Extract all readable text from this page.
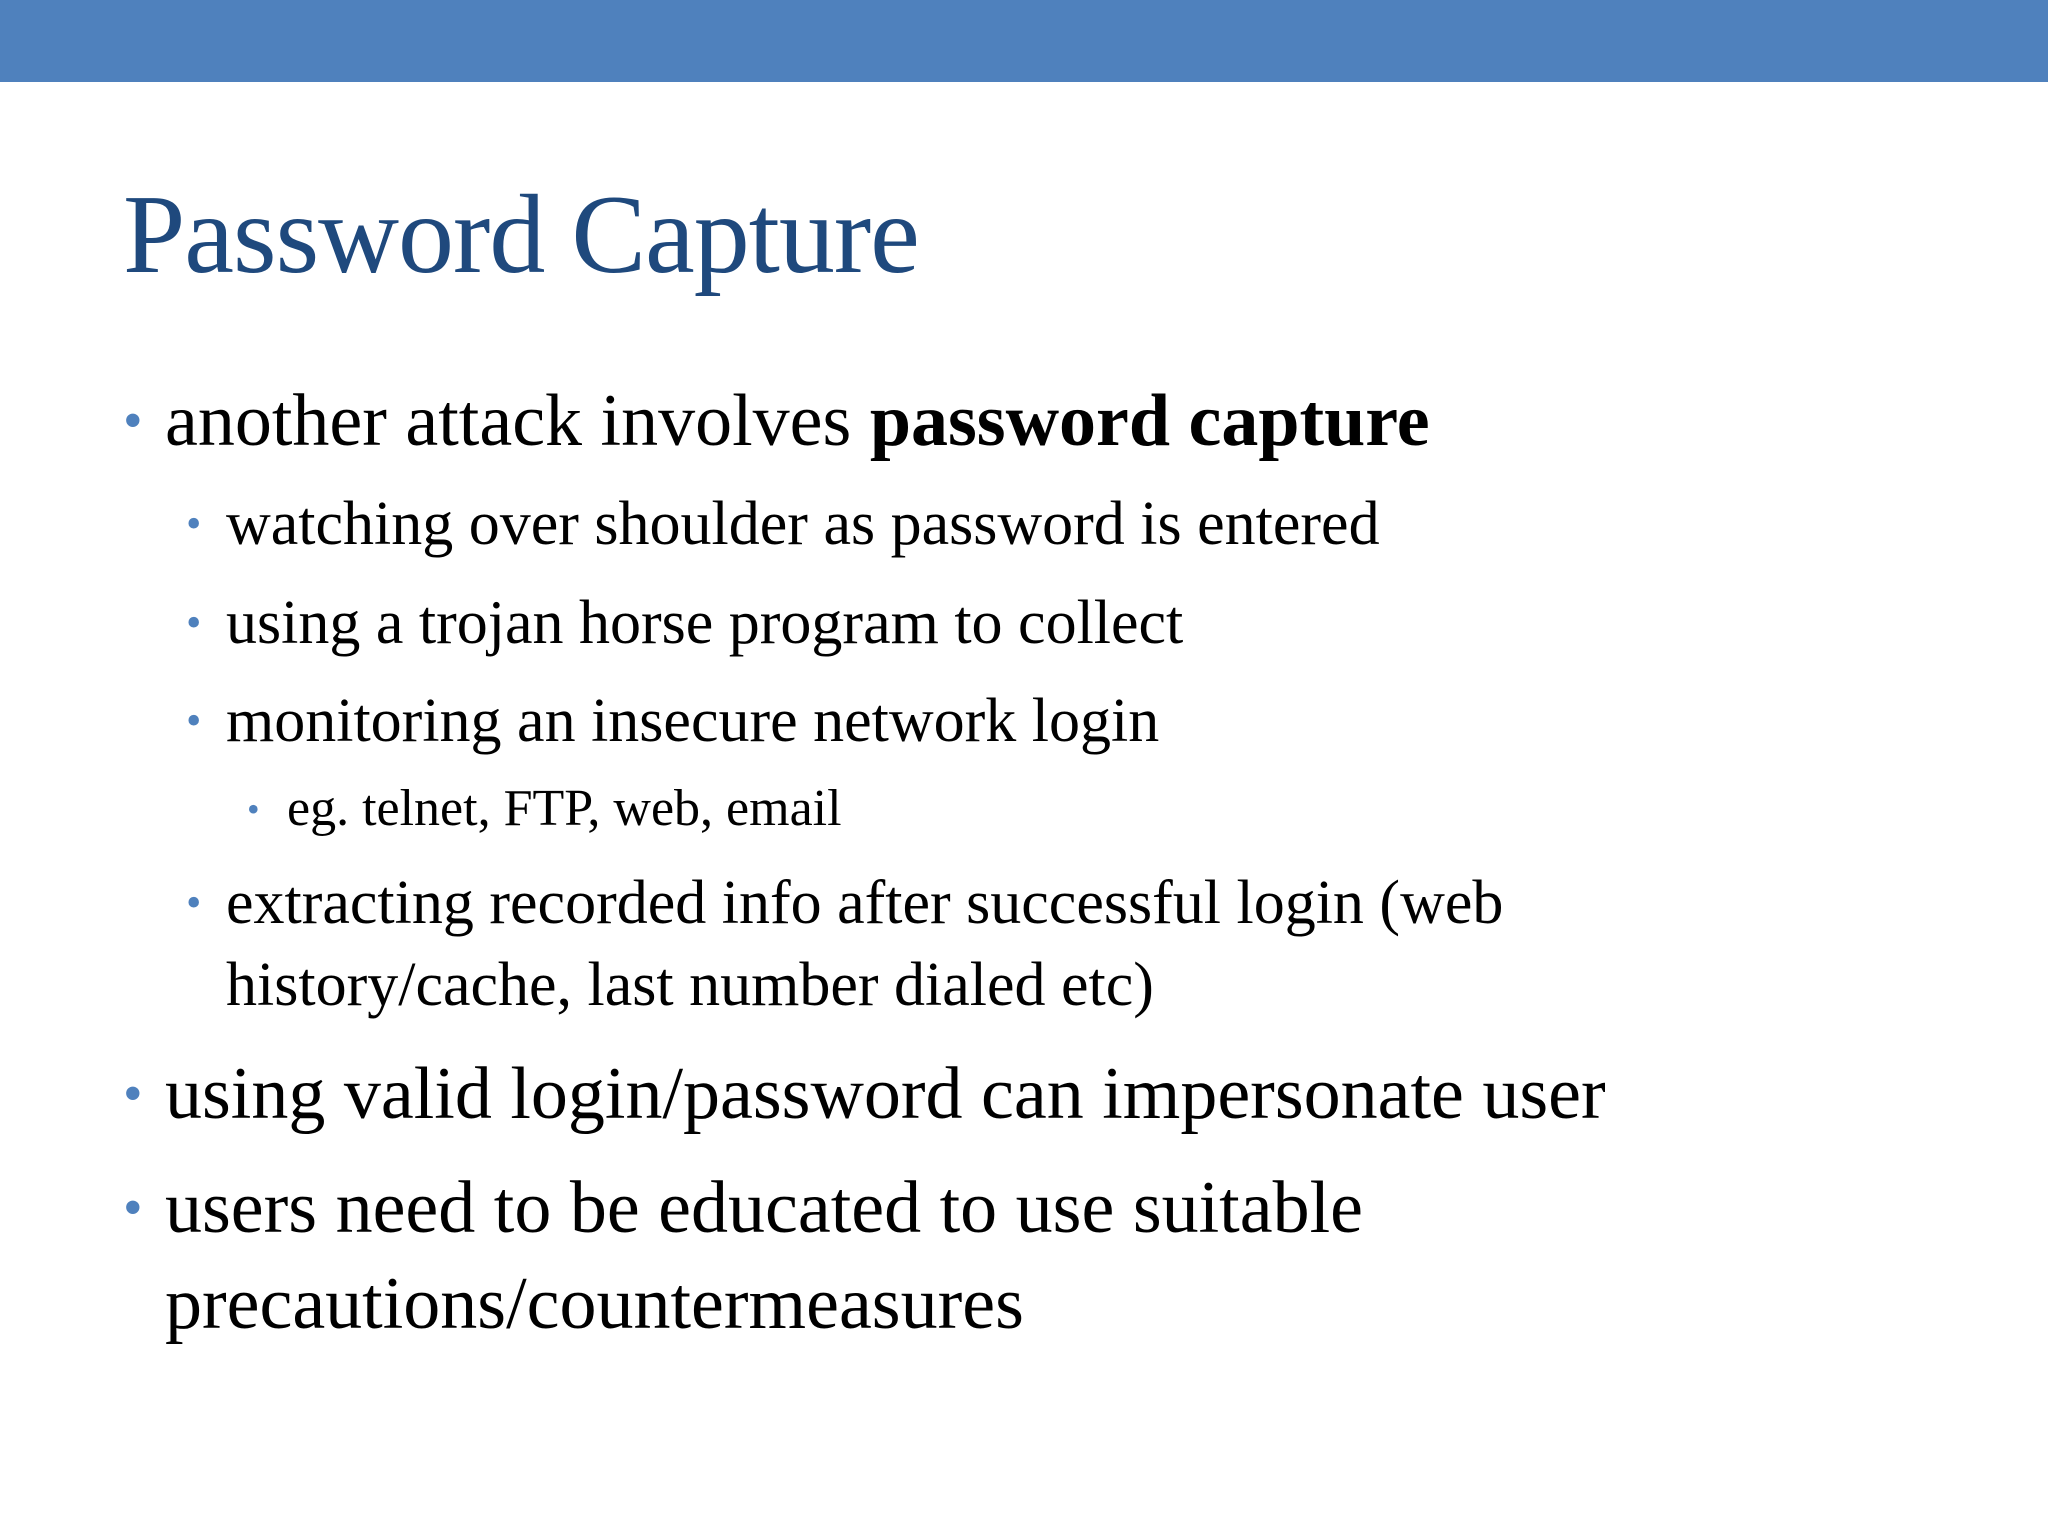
Password Capture
• another attack involves password capture
• watching over shoulder as password is entered
• using a trojan horse program to collect
• monitoring an insecure network login
• eg. telnet, FTP, web, email
• extracting recorded info after successful login (web
history/cache, last number dialed etc)
• using valid login/password can impersonate user
• users need to be educated to use suitable
precautions/countermeasures
